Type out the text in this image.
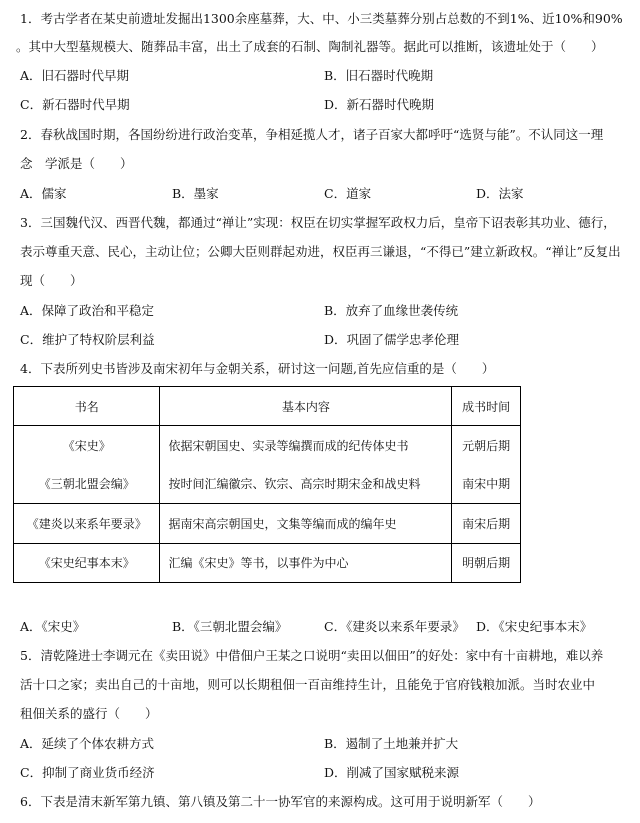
1．考古学者在某史前遗址发掘出1300余座墓葬，大、中、小三类墓葬分别占总数的不到1%、近10%和90%
。其中大型墓规模大、随葬品丰富，出土了成套的石制、陶制礼器等。据此可以推断，该遗址处于（　　）
A．旧石器时代早期	B．旧石器时代晚期
C．新石器时代早期	D．新石器时代晚期
2．春秋战国时期，各国纷纷进行政治变革，争相延揽人才，诸子百家大都呼吁“选贤与能”。不认同这一理
念　学派是（　　）
A．儒家	B．墨家	C．道家	D．法家
3．三国魏代汉、西晋代魏，都通过“禅让”实现：权臣在切实掌握军政权力后，皇帝下诏表彰其功业、德行，
表示尊重天意、民心，主动让位；公卿大臣则群起劝进，权臣再三谦退，“不得已”建立新政权。“禅让”反复出
现（　　）
A．保障了政治和平稳定	B．放弃了血缘世袭传统
C．维护了特权阶层利益	D．巩固了儒学忠孝伦理
4．下表所列史书皆涉及南宋初年与金朝关系，研讨这一问题,首先应信重的是（　　）
书名	基本内容	成书时间
《宋史》	依据宋朝国史、实录等编撰而成的纪传体史书	元朝后期
《三朝北盟会编》	按时间汇编徽宗、钦宗、高宗时期宋金和战史料	南宋中期
《建炎以来系年要录》	据南宋高宗朝国史，文集等编而成的编年史	南宋后期
《宋史纪事本末》	汇编《宋史》等书，以事件为中心	明朝后期
A．《宋史》	B．《三朝北盟会编》	C．《建炎以来系年要录》 D．《宋史纪事本末》
5．清乾隆进士李调元在《卖田说》中借佃户王某之口说明“卖田以佃田”的好处：家中有十亩耕地，难以养
活十口之家；卖出自己的十亩地，则可以长期租佃一百亩维持生计，且能免于官府钱粮加派。当时农业中
租佃关系的盛行（　　）
A．延续了个体农耕方式	B．遏制了土地兼并扩大
C．抑制了商业货币经济	D．削减了国家赋税来源
6．下表是清末新军第九镇、第八镇及第二十一协军官的来源构成。这可用于说明新军（　　）
